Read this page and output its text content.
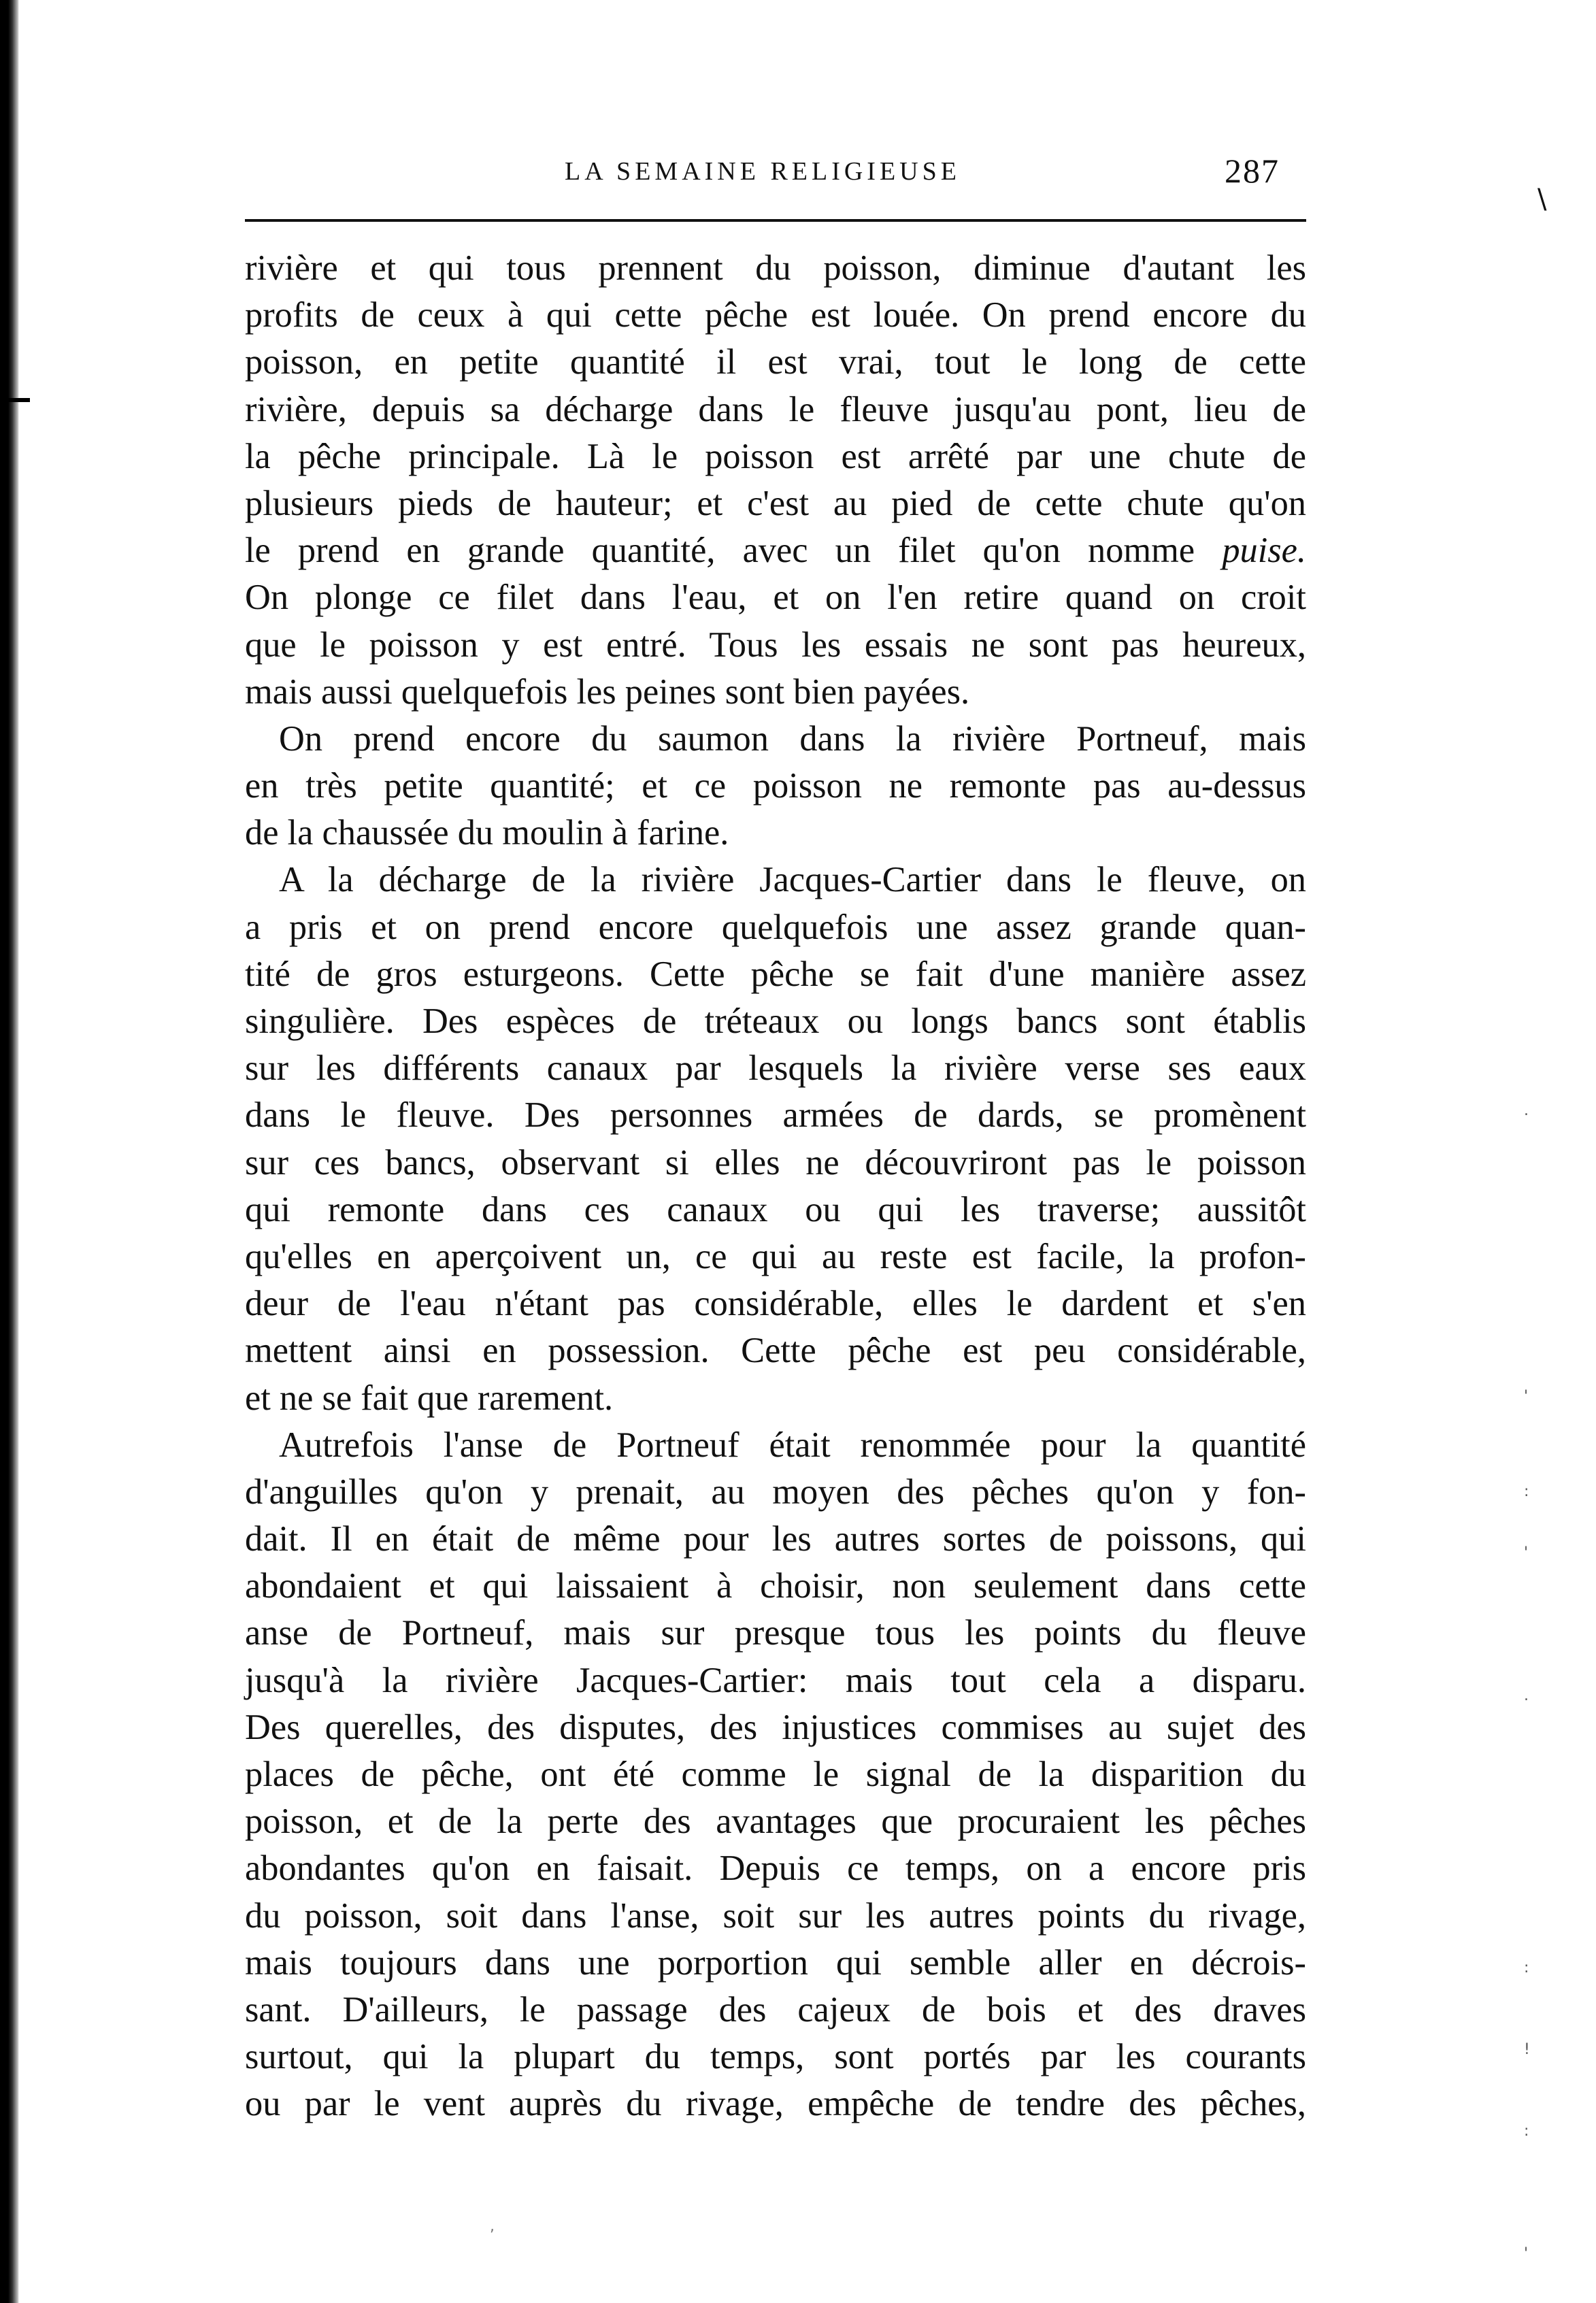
LA SEMAINE RELIGIEUSE	287
rivière et qui tous prennent du poisson, diminue d'autant les
profits de ceux à qui cette pêche est louée. On prend encore du
poisson, en petite quantité il est vrai, tout le long de cette
rivière, depuis sa décharge dans le fleuve jusqu'au pont, lieu de
la pêche principale. Là le poisson est arrêté par une chute de
plusieurs pieds de hauteur; et c'est au pied de cette chute qu'on
le prend en grande quantité, avec un filet qu'on nomme puise.
On plonge ce filet dans l'eau, et on l'en retire quand on croit
que le poisson y est entré. Tous les essais ne sont pas heureux,
mais aussi quelquefois les peines sont bien payées.
On prend encore du saumon dans la rivière Portneuf, mais
en très petite quantité; et ce poisson ne remonte pas au-dessus
de la chaussée du moulin à farine.
A la décharge de la rivière Jacques-Cartier dans le fleuve, on
a pris et on prend encore quelquefois une assez grande quan-
tité de gros esturgeons. Cette pêche se fait d'une manière assez
singulière. Des espèces de tréteaux ou longs bancs sont établis
sur les différents canaux par lesquels la rivière verse ses eaux
dans le fleuve. Des personnes armées de dards, se promènent
sur ces bancs, observant si elles ne découvriront pas le poisson
qui remonte dans ces canaux ou qui les traverse; aussitôt
qu'elles en aperçoivent un, ce qui au reste est facile, la profon-
deur de l'eau n'étant pas considérable, elles le dardent et s'en
mettent ainsi en possession. Cette pêche est peu considérable,
et ne se fait que rarement.
Autrefois l'anse de Portneuf était renommée pour la quantité
d'anguilles qu'on y prenait, au moyen des pêches qu'on y fon-
dait. Il en était de même pour les autres sortes de poissons, qui
abondaient et qui laissaient à choisir, non seulement dans cette
anse de Portneuf, mais sur presque tous les points du fleuve
jusqu'à la rivière Jacques-Cartier: mais tout cela a disparu.
Des querelles, des disputes, des injustices commises au sujet des
places de pêche, ont été comme le signal de la disparition du
poisson, et de la perte des avantages que procuraient les pêches
abondantes qu'on en faisait. Depuis ce temps, on a encore pris
du poisson, soit dans l'anse, soit sur les autres points du rivage,
mais toujours dans une porportion qui semble aller en décrois-
sant. D'ailleurs, le passage des cajeux de bois et des draves
surtout, qui la plupart du temps, sont portés par les courants
ou par le vent auprès du rivage, empêche de tendre des pêches,
\
.
'
:
'
.
:
!
:
'
,
